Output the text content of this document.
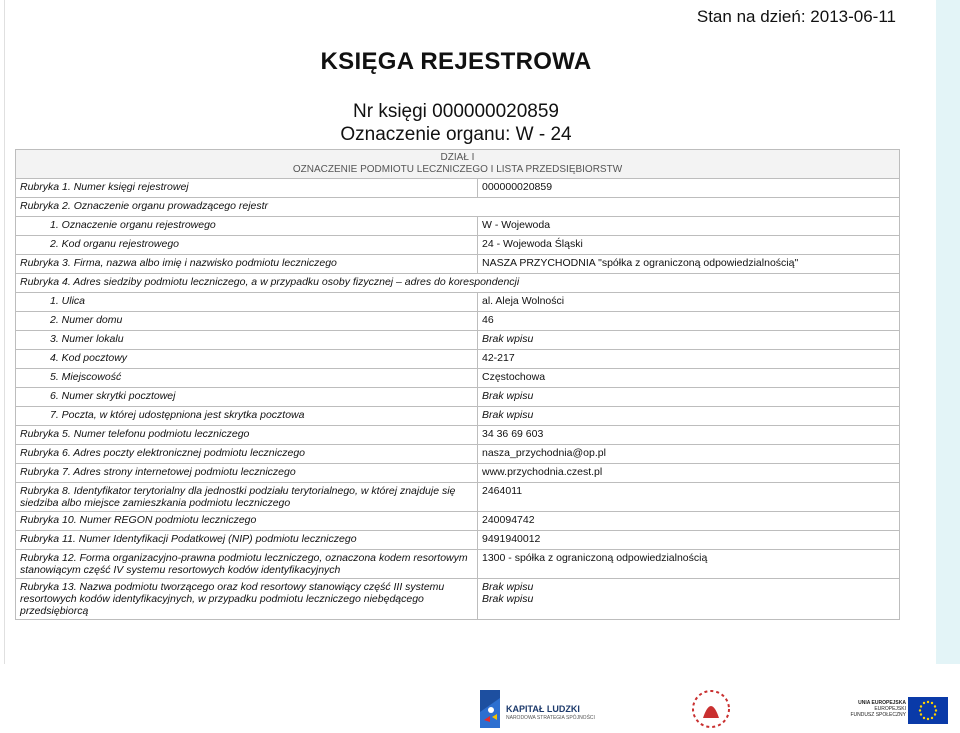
Stan na dzień: 2013-06-11
KSIĘGA REJESTROWA
Nr księgi 000000020859
Oznaczenie organu: W - 24
DZIAŁ I
OZNACZENIE PODMIOTU LECZNICZEGO I LISTA PRZEDSIĘBIORSTW	

Rubryka 1. Numer księgi rejestrowej	000000020859
Rubryka 2. Oznaczenie organu prowadzącego rejestr	
1. Oznaczenie organu rejestrowego	W - Wojewoda
2. Kod organu rejestrowego	24 - Wojewoda Śląski
Rubryka 3. Firma, nazwa albo imię i nazwisko podmiotu leczniczego	NASZA PRZYCHODNIA "spółka z ograniczoną odpowiedzialnością"
Rubryka 4. Adres siedziby podmiotu leczniczego, a w przypadku osoby fizycznej – adres do korespondencji	
1. Ulica	al. Aleja Wolności
2. Numer domu	46
3. Numer lokalu	Brak wpisu
4. Kod pocztowy	42-217
5. Miejscowość	Częstochowa
6. Numer skrytki pocztowej	Brak wpisu
7. Poczta, w której udostępniona jest skrytka pocztowa	Brak wpisu
Rubryka 5. Numer telefonu podmiotu leczniczego	34 36 69 603
Rubryka 6. Adres poczty elektronicznej podmiotu leczniczego	nasza_przychodnia@op.pl
Rubryka 7. Adres strony internetowej podmiotu leczniczego	www.przychodnia.czest.pl
Rubryka 8. Identyfikator terytorialny dla jednostki podziału terytorialnego, w której znajduje się siedziba albo miejsce zamieszkania podmiotu leczniczego	2464011
Rubryka 10. Numer REGON podmiotu leczniczego	240094742
Rubryka 11. Numer Identyfikacji Podatkowej (NIP) podmiotu leczniczego	9491940012
Rubryka 12. Forma organizacyjno-prawna podmiotu leczniczego, oznaczona kodem resortowym stanowiącym część IV systemu resortowych kodów identyfikacyjnych	1300 - spółka z ograniczoną odpowiedzialnością
Rubryka 13. Nazwa podmiotu tworzącego oraz kod resortowy stanowiący część III systemu resortowych kodów identyfikacyjnych, w przypadku podmiotu leczniczego niebędącego przedsiębiorcą	Brak wpisu
Brak wpisu
KAPITAŁ LUDZKI
NARODOWA STRATEGIA SPÓJNOŚCI
UNIA EUROPEJSKA
EUROPEJSKI
FUNDUSZ SPOŁECZNY
